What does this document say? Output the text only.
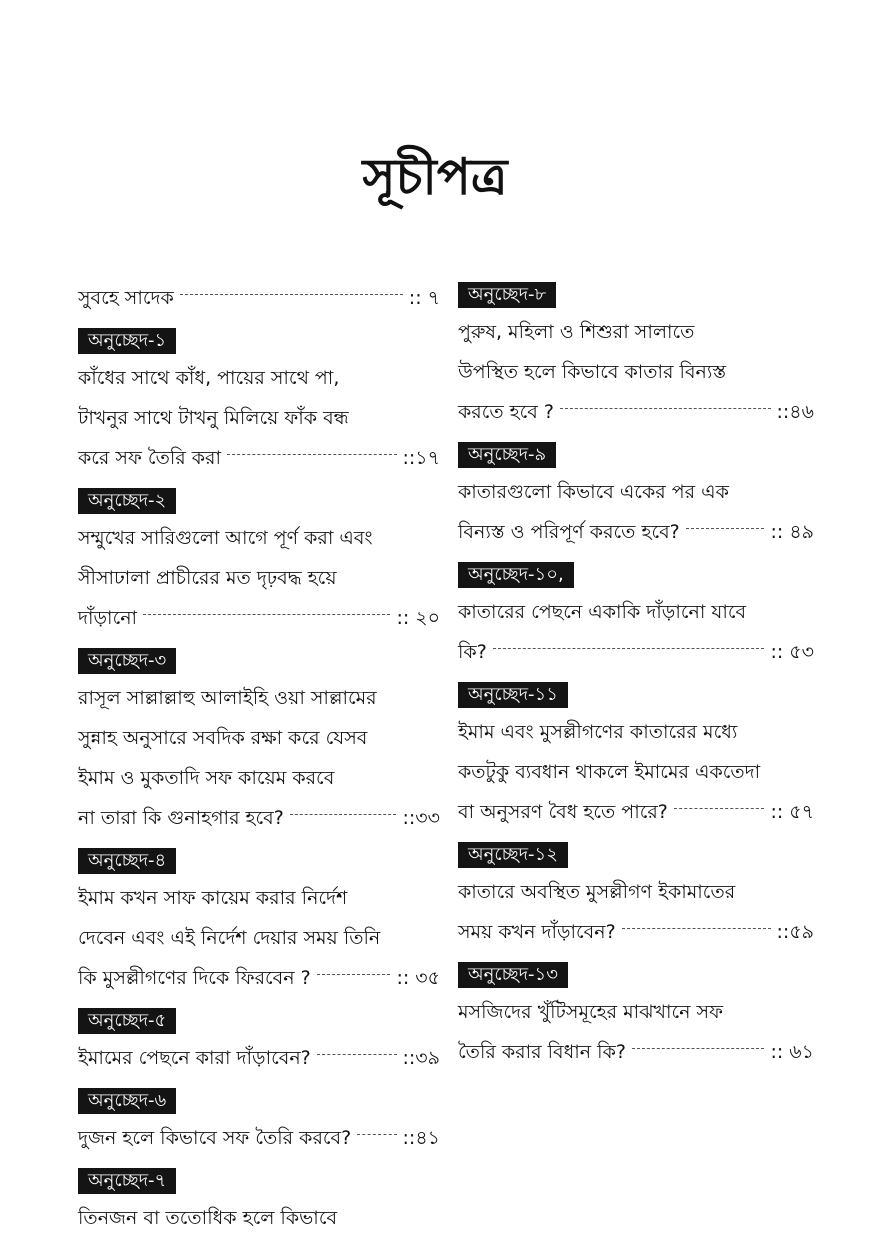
সূচীপত্র
সুবহে সাদেক	:: ৭
অনুচ্ছেদ-১
কাঁধের সাথে কাঁধ, পায়ের সাথে পা,
টাখনুর সাথে টাখনু মিলিয়ে ফাঁক বন্ধ
করে সফ তৈরি করা	::১৭
অনুচ্ছেদ-২
সম্মুখের সারিগুলো আগে পূর্ণ করা এবং
সীসাঢালা প্রাচীরের মত দৃঢ়বদ্ধ হয়ে
দাঁড়ানো	:: ২০
অনুচ্ছেদ-৩
রাসূল সাল্লাল্লাহু আলাইহি ওয়া সাল্লামের
সুন্নাহ অনুসারে সবদিক রক্ষা করে যেসব
ইমাম ও মুকতাদি সফ কায়েম করবে
না তারা কি গুনাহগার হবে?	::৩৩
অনুচ্ছেদ-৪
ইমাম কখন সাফ কায়েম করার নির্দেশ
দেবেন এবং এই নির্দেশ দেয়ার সময় তিনি
কি মুসল্লীগণের দিকে ফিরবেন ?	:: ৩৫
অনুচ্ছেদ-৫
ইমামের পেছনে কারা দাঁড়াবেন?	::৩৯
অনুচ্ছেদ-৬
দুজন হলে কিভাবে সফ তৈরি করবে?	::৪১
অনুচ্ছেদ-৭
তিনজন বা ততোধিক হলে কিভাবে
অনুচ্ছেদ-৮
পুরুষ, মহিলা ও শিশুরা সালাতে
উপস্থিত হলে কিভাবে কাতার বিন্যস্ত
করতে হবে ?	::৪৬
অনুচ্ছেদ-৯
কাতারগুলো কিভাবে একের পর এক
বিন্যস্ত ও পরিপূর্ণ করতে হবে?	:: ৪৯
অনুচ্ছেদ-১০,
কাতারের পেছনে একাকি দাঁড়ানো যাবে
কি?	:: ৫৩
অনুচ্ছেদ-১১
ইমাম এবং মুসল্লীগণের কাতারের মধ্যে
কতটুকু ব্যবধান থাকলে ইমামের একতেদা
বা অনুসরণ বৈধ হতে পারে?	:: ৫৭
অনুচ্ছেদ-১২
কাতারে অবস্থিত মুসল্লীগণ ইকামাতের
সময় কখন দাঁড়াবেন?	::৫৯
অনুচ্ছেদ-১৩
মসজিদের খুঁটিসমূহের মাঝখানে সফ
তৈরি করার বিধান কি?	:: ৬১
